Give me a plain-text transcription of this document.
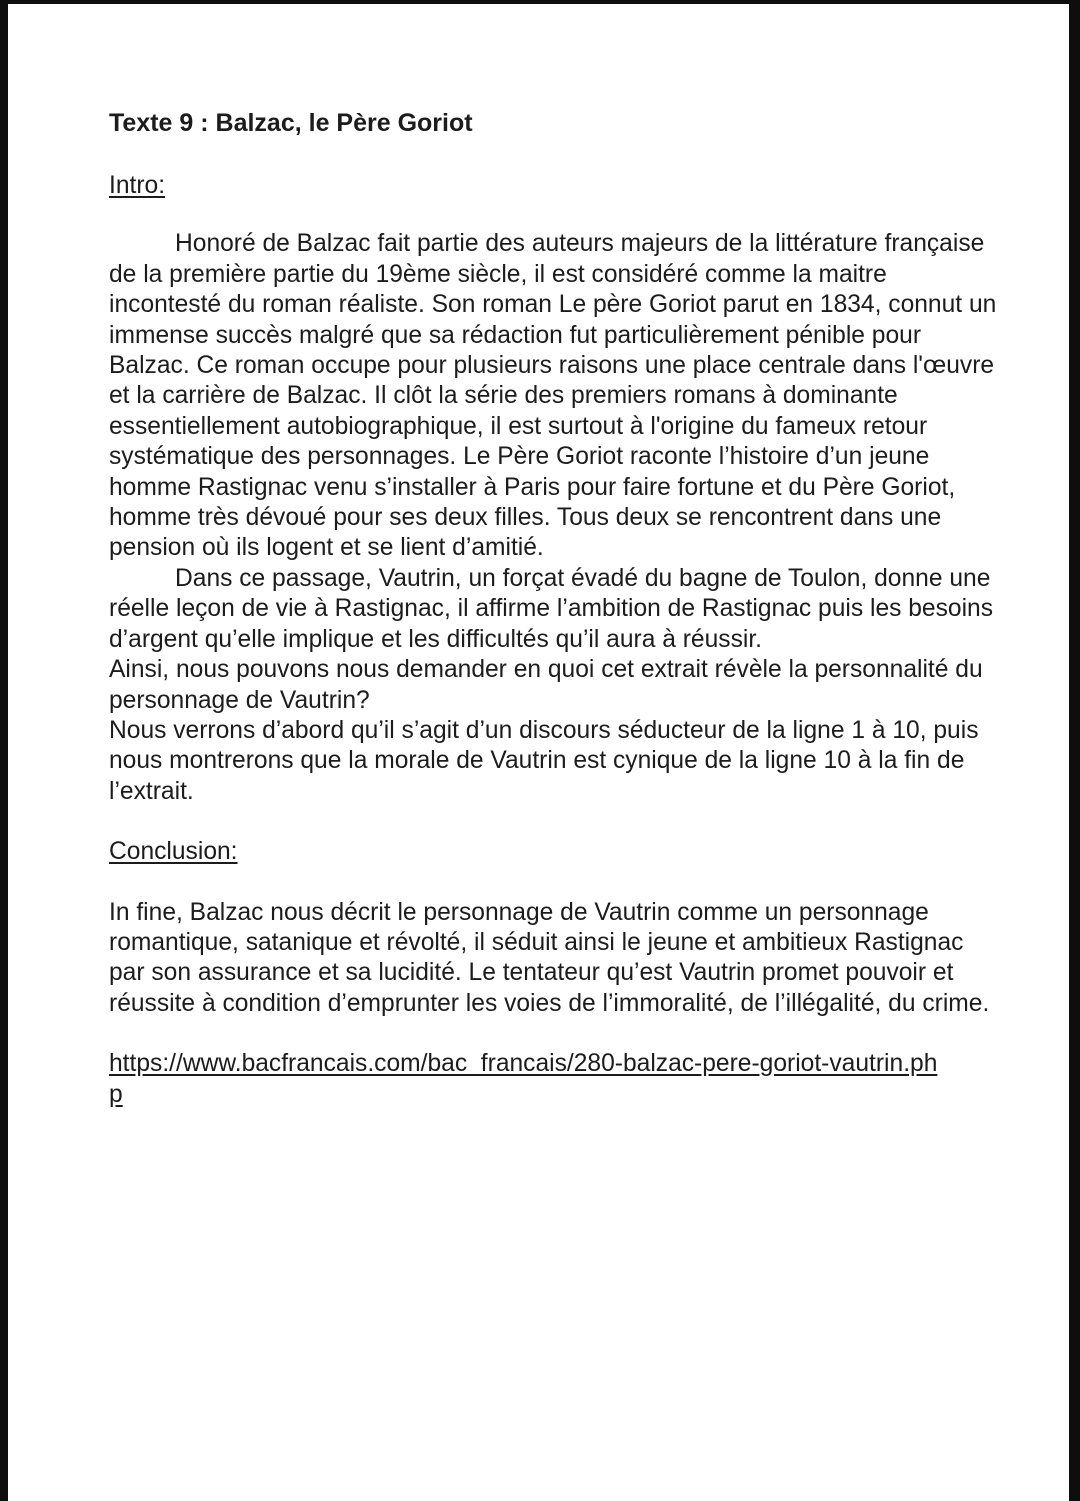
Texte 9 : Balzac, le Père Goriot

Intro:

Honoré de Balzac fait partie des auteurs majeurs de la littérature française de la première partie du 19ème siècle, il est considéré comme la maitre incontesté du roman réaliste. Son roman Le père Goriot parut en 1834, connut un immense succès malgré que sa rédaction fut particulièrement pénible pour Balzac. Ce roman occupe pour plusieurs raisons une place centrale dans l'œuvre et la carrière de Balzac. Il clôt la série des premiers romans à dominante essentiellement autobiographique, il est surtout à l'origine du fameux retour systématique des personnages. Le Père Goriot raconte l’histoire d’un jeune homme Rastignac venu s’installer à Paris pour faire fortune et du Père Goriot, homme très dévoué pour ses deux filles. Tous deux se rencontrent dans une pension où ils logent et se lient d’amitié.

Dans ce passage, Vautrin, un forçat évadé du bagne de Toulon, donne une réelle leçon de vie à Rastignac, il affirme l’ambition de Rastignac puis les besoins d’argent qu’elle implique et les difficultés qu’il aura à réussir.

Ainsi, nous pouvons nous demander en quoi cet extrait révèle la personnalité du personnage de Vautrin?

Nous verrons d’abord qu’il s’agit d’un discours séducteur de la ligne 1 à 10, puis nous montrerons que la morale de Vautrin est cynique de la ligne 10 à la fin de l’extrait.

Conclusion:

In fine, Balzac nous décrit le personnage de Vautrin comme un personnage romantique, satanique et révolté, il séduit ainsi le jeune et ambitieux Rastignac par son assurance et sa lucidité. Le tentateur qu’est Vautrin promet pouvoir et réussite à condition d’emprunter les voies de l’immoralité, de l’illégalité, du crime.

https://www.bacfrancais.com/bac_francais/280-balzac-pere-goriot-vautrin.php
